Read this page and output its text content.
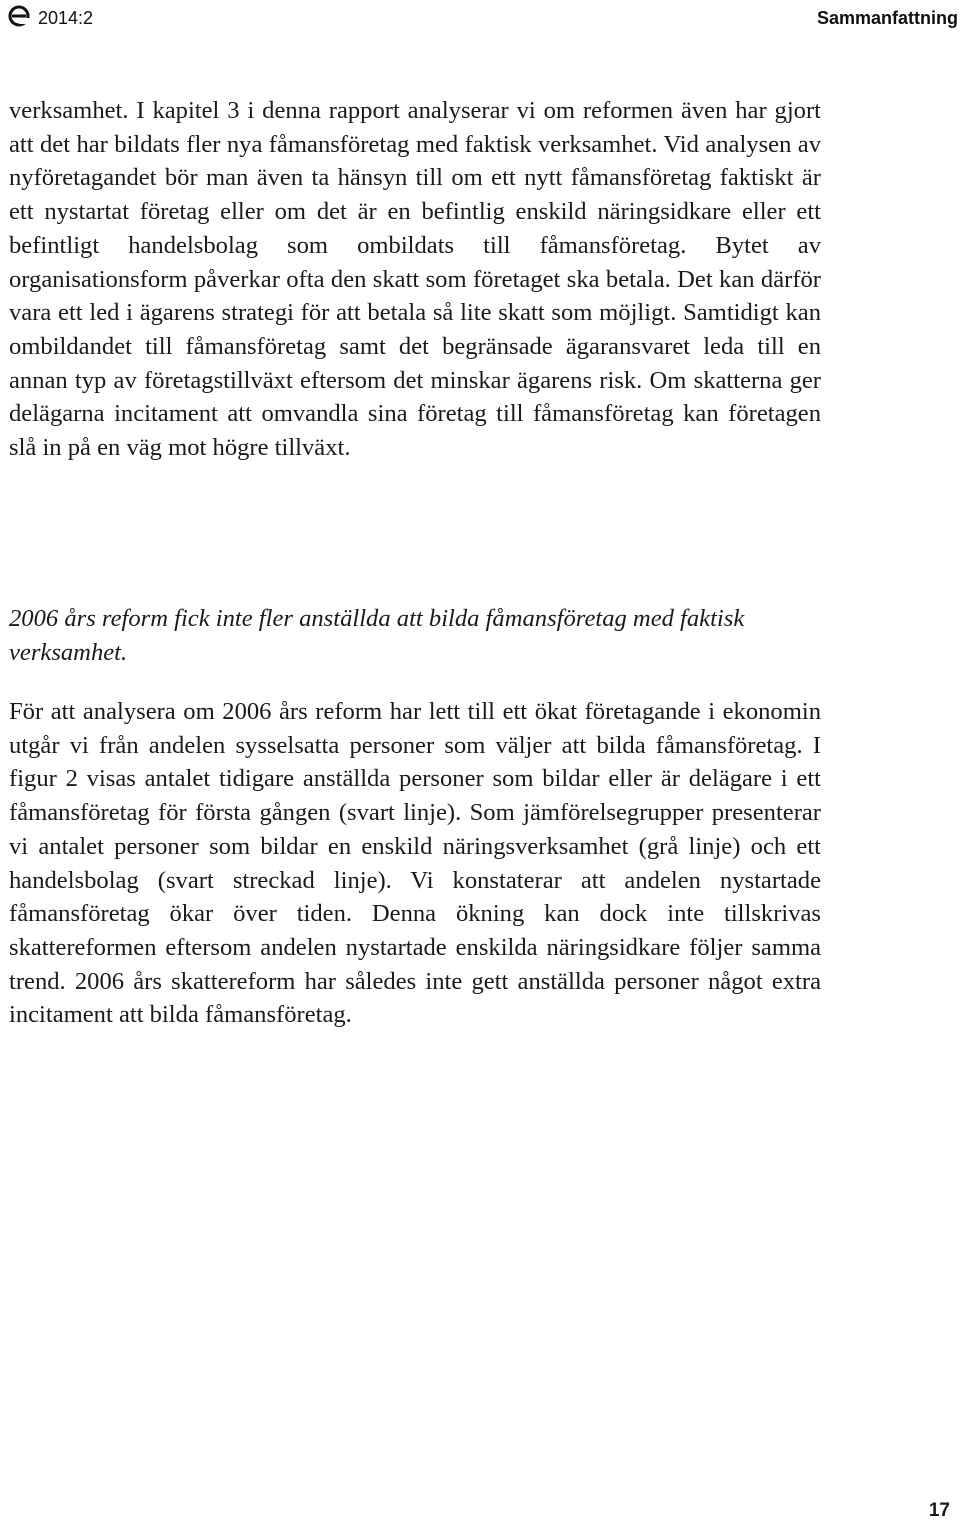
2014:2	Sammanfattning

verksamhet. I kapitel 3 i denna rapport analyserar vi om reformen även har gjort att det har bildats fler nya fåmansföretag med faktisk verksamhet. Vid analysen av nyföretagandet bör man även ta hänsyn till om ett nytt fåmansföretag faktiskt är ett nystartat företag eller om det är en befintlig enskild näringsidkare eller ett befintligt handelsbolag som ombildats till fåmansföretag. Bytet av organisationsform påverkar ofta den skatt som företaget ska betala. Det kan därför vara ett led i ägarens strategi för att betala så lite skatt som möjligt. Samtidigt kan ombildandet till fåmansföretag samt det begränsade ägaransvaret leda till en annan typ av företagstillväxt eftersom det minskar ägarens risk. Om skatterna ger delägarna incitament att omvandla sina företag till fåmansföretag kan företagen slå in på en väg mot högre tillväxt.

2006 års reform fick inte fler anställda att bilda fåmansföretag med faktisk verksamhet.

För att analysera om 2006 års reform har lett till ett ökat företagande i ekonomin utgår vi från andelen sysselsatta personer som väljer att bilda fåmansföretag. I figur 2 visas antalet tidigare anställda personer som bildar eller är delägare i ett fåmansföretag för första gången (svart linje). Som jämförelsegrupper presenterar vi antalet personer som bildar en enskild näringsverksamhet (grå linje) och ett handelsbolag (svart streckad linje). Vi konstaterar att andelen nystartade fåmansföretag ökar över tiden. Denna ökning kan dock inte tillskrivas skattereformen eftersom andelen nystartade enskilda näringsidkare följer samma trend. 2006 års skattereform har således inte gett anställda personer något extra incitament att bilda fåmansföretag.

17
